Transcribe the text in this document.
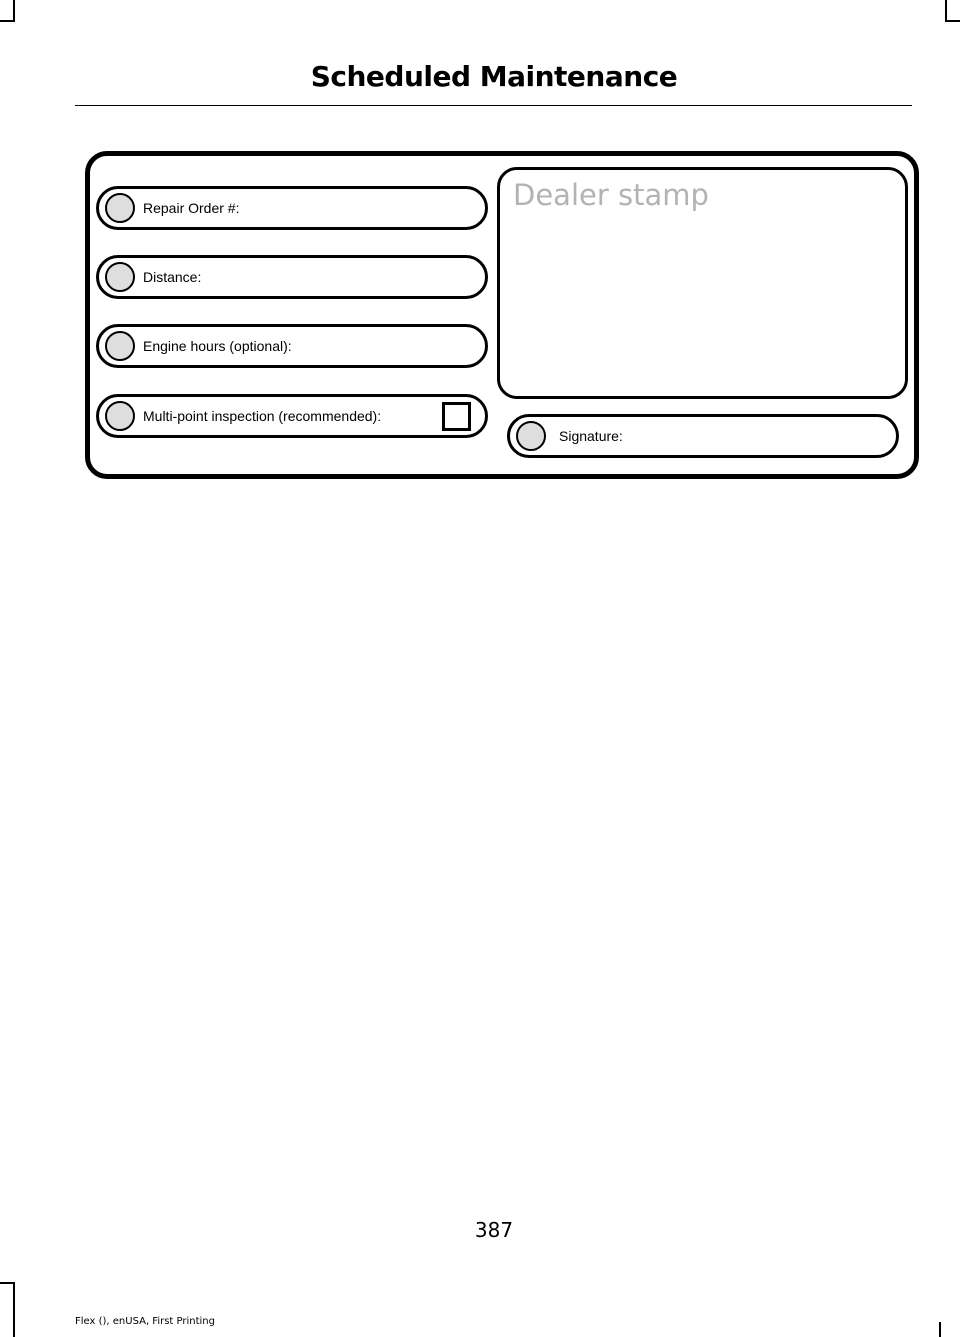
Scheduled Maintenance
Repair Order #:
Distance:
Engine hours (optional):
Multi-point inspection (recommended):
Dealer stamp
Signature:
387
Flex (), enUSA, First Printing
